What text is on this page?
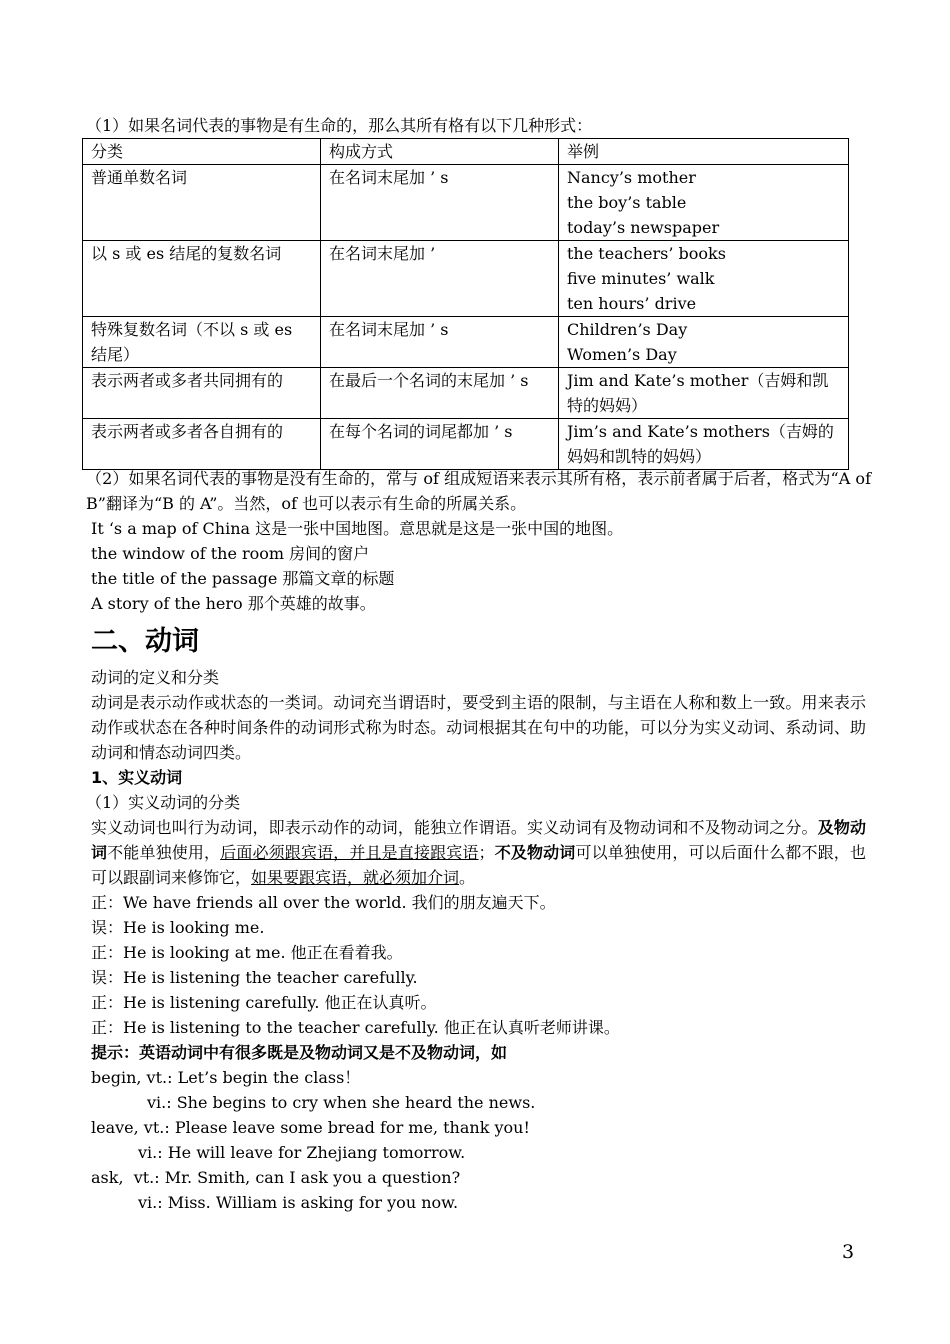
（1）如果名词代表的事物是有生命的，那么其所有格有以下几种形式：
分类	构成方式	举例
普通单数名词	在名词末尾加 ’ s	Nancy’s mother
the boy’s table
today’s newspaper

以 s 或 es 结尾的复数名词	在名词末尾加 ’	the teachers’ books
five minutes’ walk
ten hours’ drive

特殊复数名词（不以 s 或 es 结尾）	在名词末尾加 ’ s	Children’s Day
Women’s Day

表示两者或多者共同拥有的	在最后一个名词的末尾加 ’ s	Jim and Kate’s mother（吉姆和凯特的妈妈）

表示两者或多者各自拥有的	在每个名词的词尾都加 ’ s	Jim’s and Kate’s mothers（吉姆的妈妈和凯特的妈妈）

（2）如果名词代表的事物是没有生命的，常与 of 组成短语来表示其所有格，表示前者属于后者，格式为“A of B”翻译为“B 的 A”。当然，of 也可以表示有生命的所属关系。

It ‘s a map of China 这是一张中国地图。意思就是这是一张中国的地图。
the window of the room 房间的窗户
the title of the passage 那篇文章的标题
A story of the hero 那个英雄的故事。
二、动词
动词的定义和分类

动词是表示动作或状态的一类词。动词充当谓语时，要受到主语的限制，与主语在人称和数上一致。用来表示动作或状态在各种时间条件的动词形式称为时态。动词根据其在句中的功能，可以分为实义动词、系动词、助动词和情态动词四类。

1、实义动词
（1）实义动词的分类

实义动词也叫行为动词，即表示动作的动词，能独立作谓语。实义动词有及物动词和不及物动词之分。及物动词不能单独使用，后面必须跟宾语，并且是直接跟宾语；不及物动词可以单独使用，可以后面什么都不跟，也可以跟副词来修饰它，如果要跟宾语，就必须加介词。

正：We have friends all over the world. 我们的朋友遍天下。
误：He is looking me.
正：He is looking at me. 他正在看着我。
误：He is listening the teacher carefully.
正：He is listening carefully. 他正在认真听。
正：He is listening to the teacher carefully. 他正在认真听老师讲课。
提示：英语动词中有很多既是及物动词又是不及物动词，如
begin, vt.: Let’s begin the class！
vi.: She begins to cry when she heard the news.
leave, vt.: Please leave some bread for me, thank you!
vi.: He will leave for Zhejiang tomorrow.
ask,  vt.: Mr. Smith, can I ask you a question?
vi.: Miss. William is asking for you now.
3
